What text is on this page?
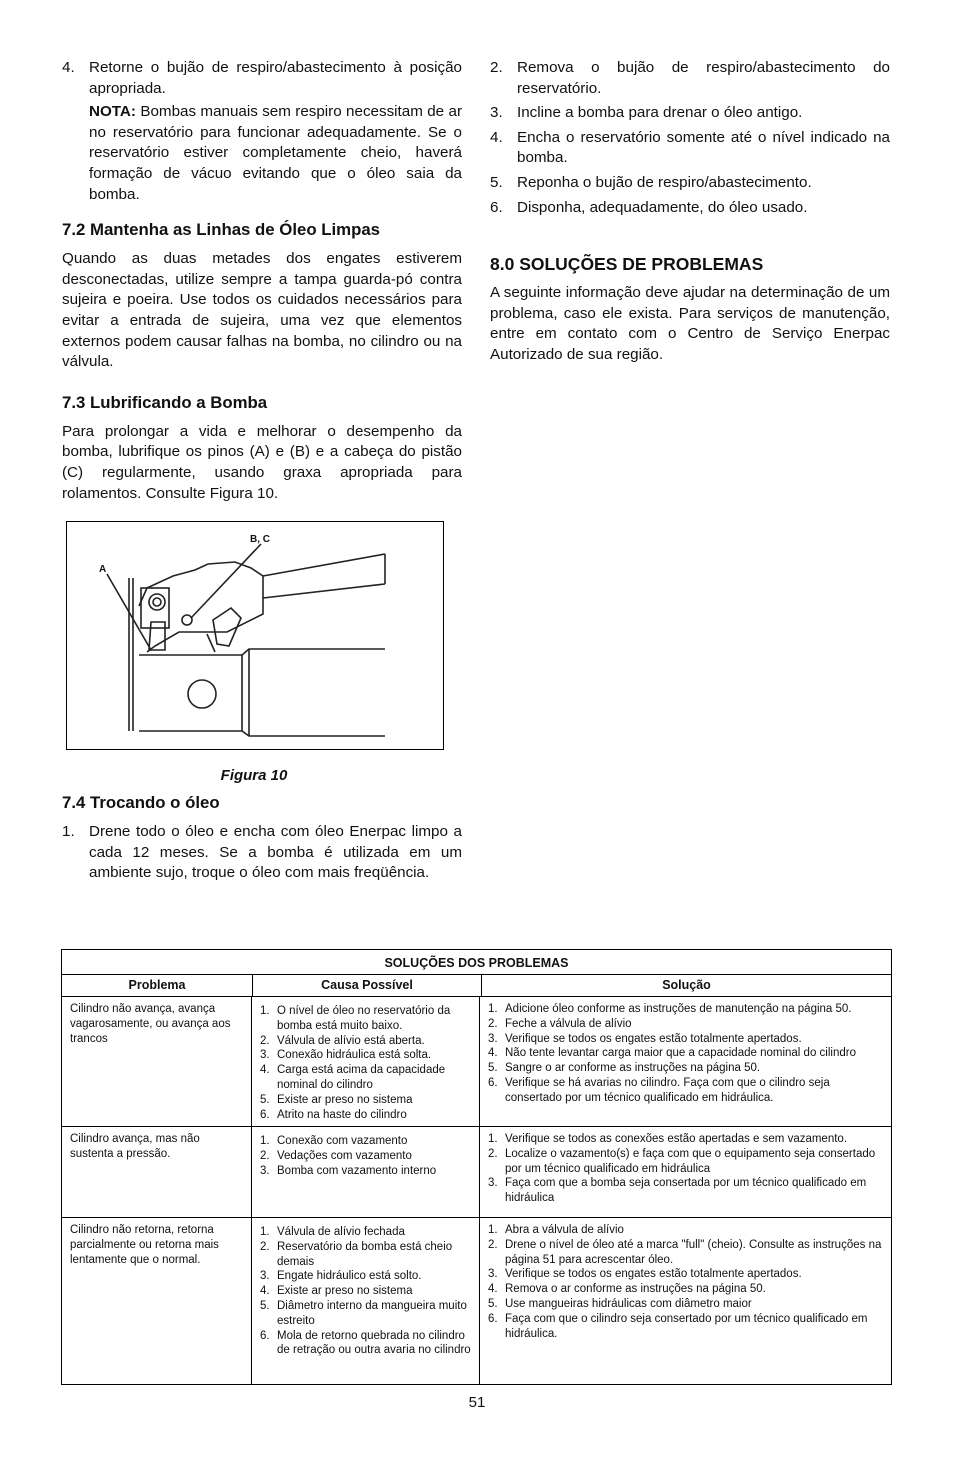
4. Retorne o bujão de respiro/abastecimento à posição apropriada.

NOTA: Bombas manuais sem respiro necessitam de ar no reservatório para funcionar adequadamente. Se o reservatório estiver completamente cheio, haverá formação de vácuo evitando que o óleo saia da bomba.

7.2 Mantenha as Linhas de Óleo Limpas

Quando as duas metades dos engates estiverem desconectadas, utilize sempre a tampa guarda-pó contra sujeira e poeira. Use todos os cuidados necessários para evitar a entrada de sujeira, uma vez que elementos externos podem causar falhas na bomba, no cilindro ou na válvula.

7.3 Lubrificando a Bomba

Para prolongar a vida e melhorar o desempenho da bomba, lubrifique os pinos (A) e (B) e a cabeça do pistão (C) regularmente, usando graxa apropriada para rolamentos. Consulte Figura 10.

A
B, C

Figura 10

7.4 Trocando o óleo
1. Drene todo o óleo e encha com óleo Enerpac limpo a cada 12 meses. Se a bomba é utilizada em um ambiente sujo, troque o óleo com mais freqüência.
2. Remova o bujão de respiro/abastecimento do reservatório.
3. Incline a bomba para drenar o óleo antigo.
4. Encha o reservatório somente até o nível indicado na bomba.
5. Reponha o bujão de respiro/abastecimento.
6. Disponha, adequadamente, do óleo usado.
8.0 SOLUÇÕES DE PROBLEMAS

A seguinte informação deve ajudar na determinação de um problema, caso ele exista. Para serviços de manutenção, entre em contato com o Centro de Serviço Enerpac Autorizado de sua região.

SOLUÇÕES DOS PROBLEMAS
Problema	Causa Possível	Solução
Cilindro não avança, avança vagarosamente, ou avança aos trancos
1. O nível de óleo no reservatório da bomba está muito baixo.
2. Válvula de alívio está aberta.
3. Conexão hidráulica está solta.
4. Carga está acima da capacidade nominal do cilindro
5. Existe ar preso no sistema
6. Atrito na haste do cilindro
1. Adicione óleo conforme as instruções de manutenção na página 50.
2. Feche a válvula de alívio
3. Verifique se todos os engates estão totalmente apertados.
4. Não tente levantar carga maior que a capacidade nominal do cilindro
5. Sangre o ar conforme as instruções na página 50.
6. Verifique se há avarias no cilindro. Faça com que o cilindro seja consertado por um técnico qualificado em hidráulica.
Cilindro avança, mas não sustenta a pressão.
1. Conexão com vazamento
2. Vedações com vazamento
3. Bomba com vazamento interno
1. Verifique se todos as conexões estão apertadas e sem vazamento.
2. Localize o vazamento(s) e faça com que o equipamento seja consertado por um técnico qualificado em hidráulica
3. Faça com que a bomba seja consertada por um técnico qualificado em hidráulica
Cilindro não retorna, retorna parcialmente ou retorna mais lentamente que o normal.
1. Válvula de alívio fechada
2. Reservatório da bomba está cheio demais
3. Engate hidráulico está solto.
4. Existe ar preso no sistema
5. Diâmetro interno da mangueira muito estreito
6. Mola de retorno quebrada no cilindro de retração ou outra avaria no cilindro
1. Abra a válvula de alívio
2. Drene o nível de óleo até a marca "full" (cheio). Consulte as instruções na página 51 para acrescentar óleo.
3. Verifique se todos os engates estão totalmente apertados.
4. Remova o ar conforme as instruções na página 50.
5. Use mangueiras hidráulicas com diâmetro maior
6. Faça com que o cilindro seja consertado por um técnico qualificado em hidráulica.
51
